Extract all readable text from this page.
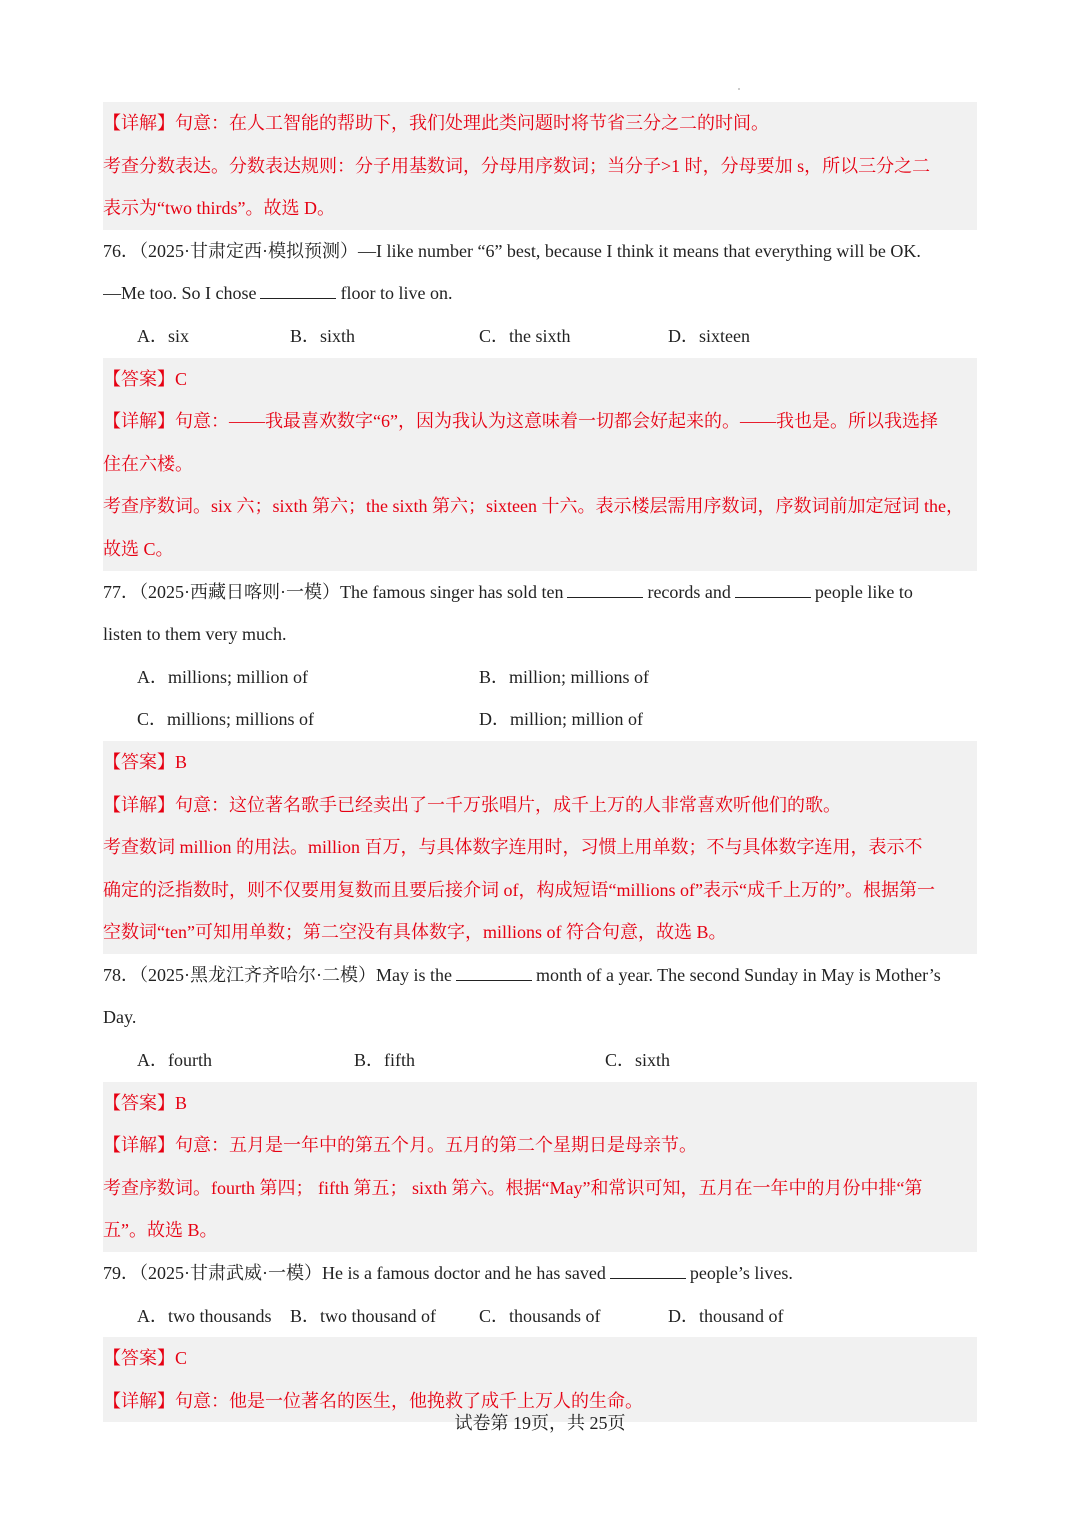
【详解】句意：在人工智能的帮助下，我们处理此类问题时将节省三分之二的时间。
考查分数表达。分数表达规则：分子用基数词，分母用序数词；当分子>1 时，分母要加 s，所以三分之二
表示为“two thirds”。故选 D。
76．（2025·甘肃定西·模拟预测）—I like number “6” best, because I think it means that everything will be OK.
—Me too. So I chose	floor to live on.
A．six	B．sixth	C．the sixth	D．sixteen
【答案】C
【详解】句意：——我最喜欢数字“6”，因为我认为这意味着一切都会好起来的。——我也是。所以我选择
住在六楼。
考查序数词。six 六；sixth 第六；the sixth 第六；sixteen 十六。表示楼层需用序数词，序数词前加定冠词 the，
故选 C。
77．（2025·西藏日喀则·一模）The famous singer has sold ten	records and	people like to
listen to them very much.
A．millions; million of	B．million; millions of
C．millions; millions of	D．million; million of
【答案】B
【详解】句意：这位著名歌手已经卖出了一千万张唱片，成千上万的人非常喜欢听他们的歌。
考查数词 million 的用法。million 百万，与具体数字连用时，习惯上用单数；不与具体数字连用，表示不
确定的泛指数时，则不仅要用复数而且要后接介词 of，构成短语“millions of”表示“成千上万的”。根据第一
空数词“ten”可知用单数；第二空没有具体数字，millions of 符合句意，故选 B。
78．（2025·黑龙江齐齐哈尔·二模）May is the	month of a year. The second Sunday in May is Mother’s
Day.
A．fourth	B．fifth	C．sixth
【答案】B
【详解】句意：五月是一年中的第五个月。五月的第二个星期日是母亲节。
考查序数词。fourth 第四； fifth 第五； sixth 第六。根据“May”和常识可知，五月在一年中的月份中排“第
五”。故选 B。
79．（2025·甘肃武威·一模）He is a famous doctor and he has saved	people’s lives.
A．two thousands B．two thousand of C．thousands of	D．thousand of
【答案】C
【详解】句意：他是一位著名的医生，他挽救了成千上万人的生命。
试卷第 19页，共 25页
